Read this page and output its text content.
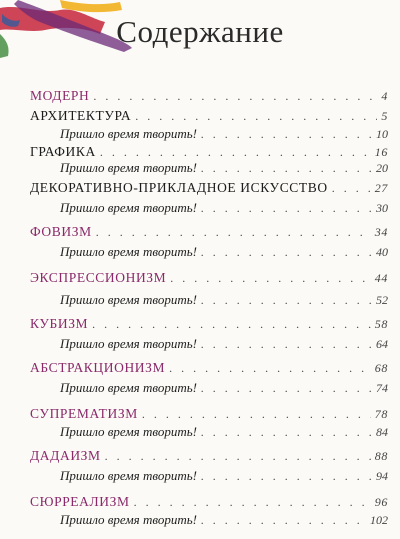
Содержание
МОДЕРН . . .	4
АРХИТЕКТУРА . . .	5
Пришло время творить! . . .	10
ГРАФИКА . . .	16
Пришло время творить! . . .	20
ДЕКОРАТИВНО-ПРИКЛАДНОЕ ИСКУССТВО . . .	27
Пришло время творить! . . .	30
ФОВИЗМ . . .	34
Пришло время творить! . . .	40
ЭКСПРЕССИОНИЗМ . . .	44
Пришло время творить! . . .	52
КУБИЗМ . . .	58
Пришло время творить! . . .	64
АБСТРАКЦИОНИЗМ . . .	68
Пришло время творить! . . .	74
СУПРЕМАТИЗМ . . .	78
Пришло время творить! . . .	84
ДАДАИЗМ . . .	88
Пришло время творить! . . .	94
СЮРРЕАЛИЗМ . . .	96
Пришло время творить! . . .	102
